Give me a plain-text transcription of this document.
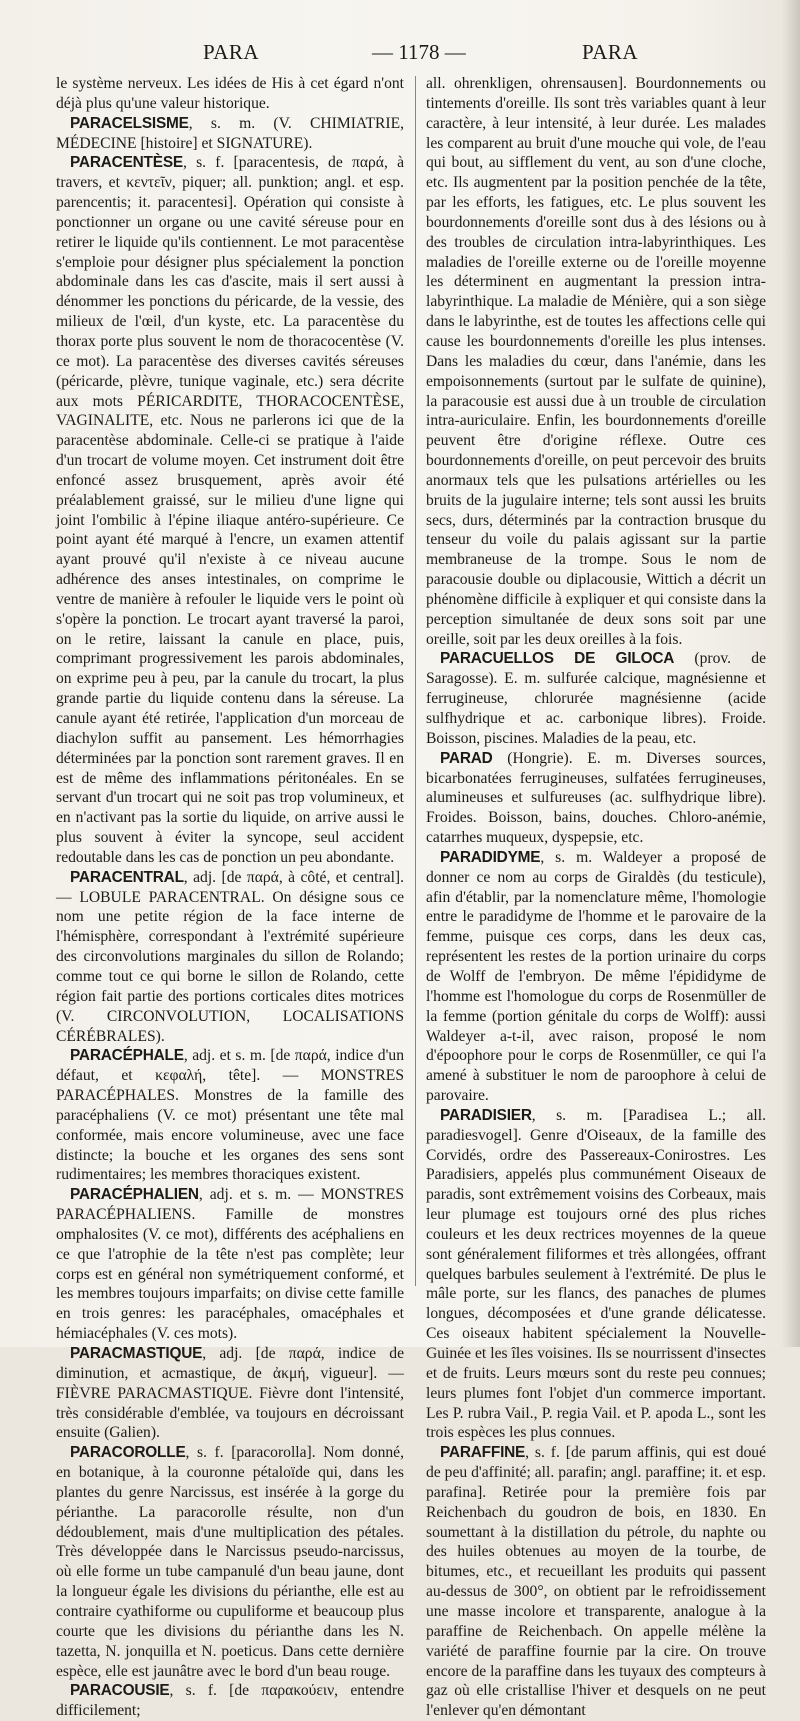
PARA	— 1178 —	PARA

le système nerveux. Les idées de His à cet égard n'ont déjà plus qu'une valeur historique.

PARACELSISME, s. m. (V. CHIMIATRIE, MÉDECINE [histoire] et SIGNATURE).

PARACENTÈSE, s. f. [paracentesis, de παρά, à travers, et κεντεῖν, piquer; all. punktion; angl. et esp. parencentis; it. paracentesi]. Opération qui consiste à ponctionner un organe ou une cavité séreuse pour en retirer le liquide qu'ils contiennent. Le mot paracentèse s'emploie pour désigner plus spécialement la ponction abdominale dans les cas d'ascite, mais il sert aussi à dénommer les ponctions du péricarde, de la vessie, des milieux de l'œil, d'un kyste, etc. La paracentèse du thorax porte plus souvent le nom de thoracocentèse (V. ce mot). La paracentèse des diverses cavités séreuses (péricarde, plèvre, tunique vaginale, etc.) sera décrite aux mots PÉRICARDITE, THORACOCENTÈSE, VAGINALITE, etc. Nous ne parlerons ici que de la paracentèse abdominale. Celle-ci se pratique à l'aide d'un trocart de volume moyen. Cet instrument doit être enfoncé assez brusquement, après avoir été préalablement graissé, sur le milieu d'une ligne qui joint l'ombilic à l'épine iliaque antéro-supérieure. Ce point ayant été marqué à l'encre, un examen attentif ayant prouvé qu'il n'existe à ce niveau aucune adhérence des anses intestinales, on comprime le ventre de manière à refouler le liquide vers le point où s'opère la ponction. Le trocart ayant traversé la paroi, on le retire, laissant la canule en place, puis, comprimant progressivement les parois abdominales, on exprime peu à peu, par la canule du trocart, la plus grande partie du liquide contenu dans la séreuse. La canule ayant été retirée, l'application d'un morceau de diachylon suffit au pansement. Les hémorrhagies déterminées par la ponction sont rarement graves. Il en est de même des inflammations péritonéales. En se servant d'un trocart qui ne soit pas trop volumineux, et en n'activant pas la sortie du liquide, on arrive aussi le plus souvent à éviter la syncope, seul accident redoutable dans les cas de ponction un peu abondante.

PARACENTRAL, adj. [de παρά, à côté, et central]. — LOBULE PARACENTRAL. On désigne sous ce nom une petite région de la face interne de l'hémisphère, correspondant à l'extrémité supérieure des circonvolutions marginales du sillon de Rolando; comme tout ce qui borne le sillon de Rolando, cette région fait partie des portions corticales dites motrices (V. CIRCONVOLUTION, LOCALISATIONS CÉRÉBRALES).

PARACÉPHALE, adj. et s. m. [de παρά, indice d'un défaut, et κεφαλή, tête]. — MONSTRES PARACÉPHALES. Monstres de la famille des paracéphaliens (V. ce mot) présentant une tête mal conformée, mais encore volumineuse, avec une face distincte; la bouche et les organes des sens sont rudimentaires; les membres thoraciques existent.

PARACÉPHALIEN, adj. et s. m. — MONSTRES PARACÉPHALIENS. Famille de monstres omphalosites (V. ce mot), différents des acéphaliens en ce que l'atrophie de la tête n'est pas complète; leur corps est en général non symétriquement conformé, et les membres toujours imparfaits; on divise cette famille en trois genres: les paracéphales, omacéphales et hémiacéphales (V. ces mots).

PARACMASTIQUE, adj. [de παρά, indice de diminution, et acmastique, de ἀκμή, vigueur]. — FIÈVRE PARACMASTIQUE. Fièvre dont l'intensité, très considérable d'emblée, va toujours en décroissant ensuite (Galien).

PARACOROLLE, s. f. [paracorolla]. Nom donné, en botanique, à la couronne pétaloïde qui, dans les plantes du genre Narcissus, est insérée à la gorge du périanthe. La paracorolle résulte, non d'un dédoublement, mais d'une multiplication des pétales. Très développée dans le Narcissus pseudo-narcissus, où elle forme un tube campanulé d'un beau jaune, dont la longueur égale les divisions du périanthe, elle est au contraire cyathiforme ou cupuliforme et beaucoup plus courte que les divisions du périanthe dans les N. tazetta, N. jonquilla et N. poeticus. Dans cette dernière espèce, elle est jaunâtre avec le bord d'un beau rouge.

PARACOUSIE, s. f. [de παρακούειν, entendre difficilement;

all. ohrenkligen, ohrensausen]. Bourdonnements ou tintements d'oreille. Ils sont très variables quant à leur caractère, à leur intensité, à leur durée. Les malades les comparent au bruit d'une mouche qui vole, de l'eau qui bout, au sifflement du vent, au son d'une cloche, etc. Ils augmentent par la position penchée de la tête, par les efforts, les fatigues, etc. Le plus souvent les bourdonnements d'oreille sont dus à des lésions ou à des troubles de circulation intra-labyrinthiques. Les maladies de l'oreille externe ou de l'oreille moyenne les déterminent en augmentant la pression intra-labyrinthique. La maladie de Ménière, qui a son siège dans le labyrinthe, est de toutes les affections celle qui cause les bourdonnements d'oreille les plus intenses. Dans les maladies du cœur, dans l'anémie, dans les empoisonnements (surtout par le sulfate de quinine), la paracousie est aussi due à un trouble de circulation intra-auriculaire. Enfin, les bourdonnements d'oreille peuvent être d'origine réflexe. Outre ces bourdonnements d'oreille, on peut percevoir des bruits anormaux tels que les pulsations artérielles ou les bruits de la jugulaire interne; tels sont aussi les bruits secs, durs, déterminés par la contraction brusque du tenseur du voile du palais agissant sur la partie membraneuse de la trompe. Sous le nom de paracousie double ou diplacousie, Wittich a décrit un phénomène difficile à expliquer et qui consiste dans la perception simultanée de deux sons soit par une oreille, soit par les deux oreilles à la fois.

PARACUELLOS DE GILOCA (prov. de Saragosse). E. m. sulfurée calcique, magnésienne et ferrugineuse, chlorurée magnésienne (acide sulfhydrique et ac. carbonique libres). Froide. Boisson, piscines. Maladies de la peau, etc.

PARAD (Hongrie). E. m. Diverses sources, bicarbonatées ferrugineuses, sulfatées ferrugineuses, alumineuses et sulfureuses (ac. sulfhydrique libre). Froides. Boisson, bains, douches. Chloro-anémie, catarrhes muqueux, dyspepsie, etc.

PARADIDYME, s. m. Waldeyer a proposé de donner ce nom au corps de Giraldès (du testicule), afin d'établir, par la nomenclature même, l'homologie entre le paradidyme de l'homme et le parovaire de la femme, puisque ces corps, dans les deux cas, représentent les restes de la portion urinaire du corps de Wolff de l'embryon. De même l'épididyme de l'homme est l'homologue du corps de Rosenmüller de la femme (portion génitale du corps de Wolff): aussi Waldeyer a-t-il, avec raison, proposé le nom d'époophore pour le corps de Rosenmüller, ce qui l'a amené à substituer le nom de paroophore à celui de parovaire.

PARADISIER, s. m. [Paradisea L.; all. paradiesvogel]. Genre d'Oiseaux, de la famille des Corvidés, ordre des Passereaux-Conirostres. Les Paradisiers, appelés plus communément Oiseaux de paradis, sont extrêmement voisins des Corbeaux, mais leur plumage est toujours orné des plus riches couleurs et les deux rectrices moyennes de la queue sont généralement filiformes et très allongées, offrant quelques barbules seulement à l'extrémité. De plus le mâle porte, sur les flancs, des panaches de plumes longues, décomposées et d'une grande délicatesse. Ces oiseaux habitent spécialement la Nouvelle-Guinée et les îles voisines. Ils se nourrissent d'insectes et de fruits. Leurs mœurs sont du reste peu connues; leurs plumes font l'objet d'un commerce important. Les P. rubra Vail., P. regia Vail. et P. apoda L., sont les trois espèces les plus connues.

PARAFFINE, s. f. [de parum affinis, qui est doué de peu d'affinité; all. parafin; angl. paraffine; it. et esp. parafina]. Retirée pour la première fois par Reichenbach du goudron de bois, en 1830. En soumettant à la distillation du pétrole, du naphte ou des huiles obtenues au moyen de la tourbe, de bitumes, etc., et recueillant les produits qui passent au-dessus de 300°, on obtient par le refroidissement une masse incolore et transparente, analogue à la paraffine de Reichenbach. On appelle mélène la variété de paraffine fournie par la cire. On trouve encore de la paraffine dans les tuyaux des compteurs à gaz où elle cristallise l'hiver et desquels on ne peut l'enlever qu'en démontant
